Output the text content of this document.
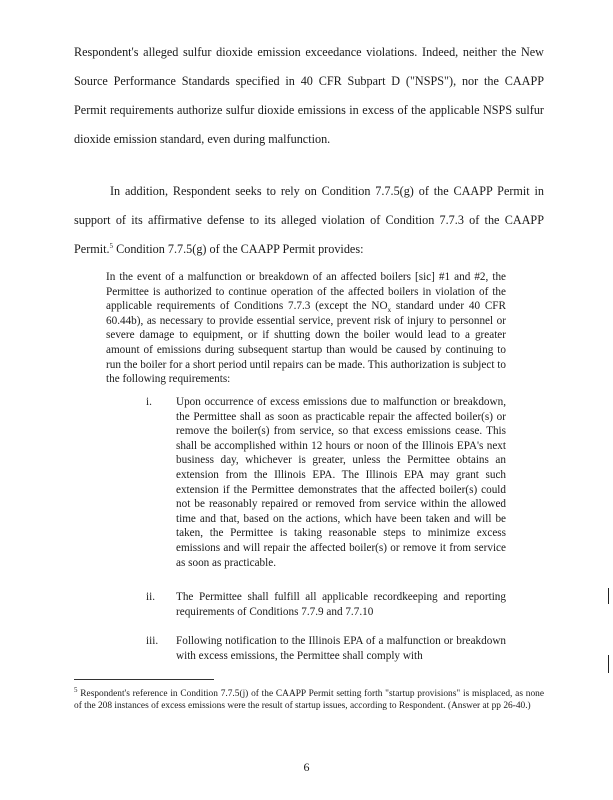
Respondent's alleged sulfur dioxide emission exceedance violations. Indeed, neither the New Source Performance Standards specified in 40 CFR Subpart D ("NSPS"), nor the CAAPP Permit requirements authorize sulfur dioxide emissions in excess of the applicable NSPS sulfur dioxide emission standard, even during malfunction.

In addition, Respondent seeks to rely on Condition 7.7.5(g) of the CAAPP Permit in support of its affirmative defense to its alleged violation of Condition 7.7.3 of the CAAPP Permit.$^5$ Condition 7.7.5(g) of the CAAPP Permit provides:

In the event of a malfunction or breakdown of an affected boilers [sic] #1 and #2, the Permittee is authorized to continue operation of the affected boilers in violation of the applicable requirements of Conditions 7.7.3 (except the $NO_x$ standard under 40 CFR 60.44b), as necessary to provide essential service, prevent risk of injury to personnel or severe damage to equipment, or if shutting down the boiler would lead to a greater amount of emissions during subsequent startup than would be caused by continuing to run the boiler for a short period until repairs can be made. This authorization is subject to the following requirements:

i. Upon occurrence of excess emissions due to malfunction or breakdown, the Permittee shall as soon as practicable repair the affected boiler(s) or remove the boiler(s) from service, so that excess emissions cease. This shall be accomplished within 12 hours or noon of the Illinois EPA's next business day, whichever is greater, unless the Permittee obtains an extension from the Illinois EPA. The Illinois EPA may grant such extension if the Permittee demonstrates that the affected boiler(s) could not be reasonably repaired or removed from service within the allowed time and that, based on the actions, which have been taken and will be taken, the Permittee is taking reasonable steps to minimize excess emissions and will repair the affected boiler(s) or remove it from service as soon as practicable.
ii. The Permittee shall fulfill all applicable recordkeeping and reporting requirements of Conditions 7.7.9 and 7.7.10
iii. Following notification to the Illinois EPA of a malfunction or breakdown with excess emissions, the Permittee shall comply with

$^5$ Respondent's reference in Condition 7.7.5(j) of the CAAPP Permit setting forth "startup provisions" is misplaced, as none of the 208 instances of excess emissions were the result of startup issues, according to Respondent. (Answer at pp 26-40.)

6
